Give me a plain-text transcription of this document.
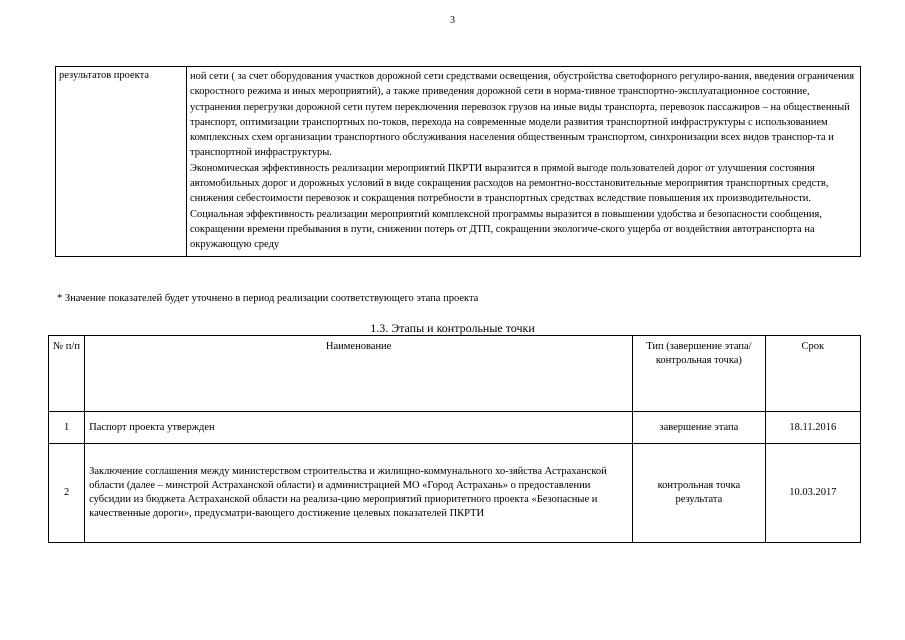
3
результатов проекта	ной сети ( за счет оборудования участков дорожной сети средствами освещения, обустройства светофорного регулиро-вания, введения ограничения скоростного режима и иных мероприятий), а также приведения дорожной сети в норма-тивное транспортно-эксплуатационное состояние, устранения перегрузки дорожной сети путем переключения перевозок грузов на иные виды транспорта, перевозок пассажиров – на общественный транспорт, оптимизации транспортных по-токов, перехода на современные модели развития транспортной инфраструктуры с использованием комплексных схем организации транспортного обслуживания населения общественным транспортом, синхронизации всех видов транспор-та и транспортной инфраструктуры.

Экономическая эффективность реализации мероприятий ПКРТИ выразится в прямой выгоде пользователей дорог от улучшения состояния автомобильных дорог и дорожных условий в виде сокращения расходов на ремонтно-восстановительные мероприятия транспортных средств, снижения себестоимости перевозок и сокращения потребности в транспортных средствах вследствие повышения их производительности.

Социальная эффективность реализации мероприятий комплексной программы выразится в повышении удобства и безопасности сообщения, сокращении времени пребывания в пути, снижении потерь от ДТП, сокращении экологиче-ского ущерба от воздействия автотранспорта на окружающую среду

* Значение показателей будет уточнено в период реализации соответствующего этапа проекта
1.3. Этапы и контрольные точки
№ п/п	Наименование	Тип (завершение этапа/ контрольная точка)	Срок
1	Паспорт проекта утвержден	завершение этапа	18.11.2016
2	Заключение соглашения между министерством строительства и жилищно-коммунального хо-зяйства Астраханской области (далее – минстрой Астраханской области) и администрацией МО «Город Астрахань» о предоставлении субсидии из бюджета Астраханской области на реализа-цию мероприятий приоритетного проекта «Безопасные и качественные дороги», предусматри-вающего достижение целевых показателей ПКРТИ	контрольная точка результата	10.03.2017
